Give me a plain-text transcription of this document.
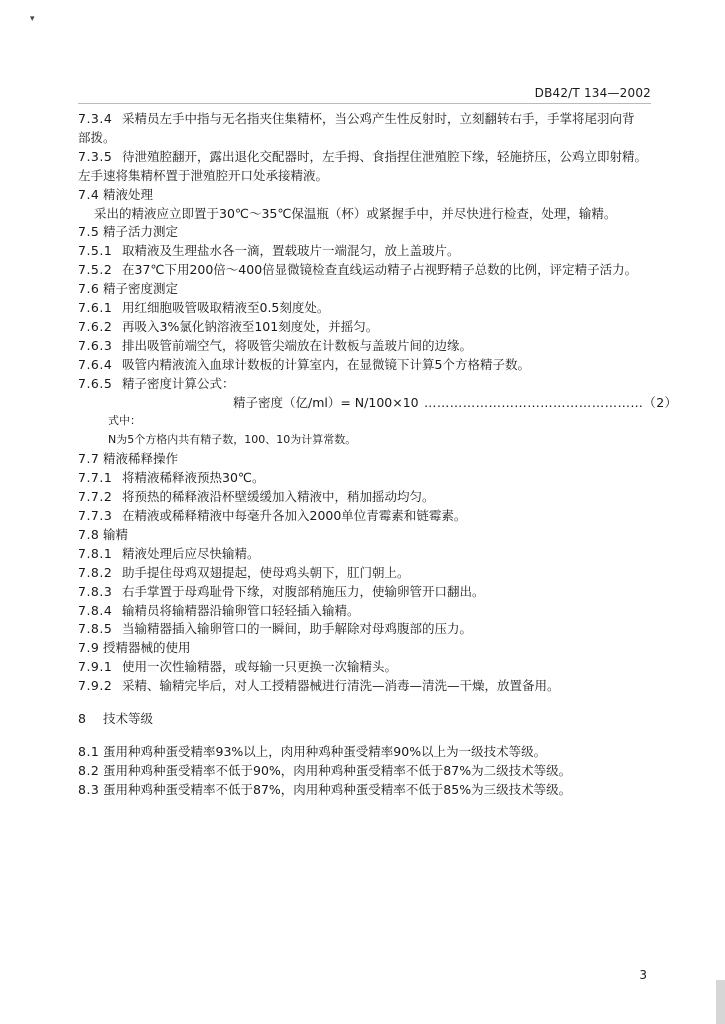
▾
DB42/T 134—2002
7.3.4 采精员左手中指与无名指夹住集精杯，当公鸡产生性反射时，立刻翻转右手，手掌将尾羽向背
部拨。
7.3.5 待泄殖腔翻开，露出退化交配器时，左手拇、食指捏住泄殖腔下缘，轻施挤压，公鸡立即射精。
左手速将集精杯置于泄殖腔开口处承接精液。
7.4 精液处理
采出的精液应立即置于30℃～35℃保温瓶（杯）或紧握手中，并尽快进行检查，处理，输精。
7.5 精子活力测定
7.5.1 取精液及生理盐水各一滴，置载玻片一端混匀，放上盖玻片。
7.5.2 在37℃下用200倍～400倍显微镜检查直线运动精子占视野精子总数的比例，评定精子活力。
7.6 精子密度测定
7.6.1 用红细胞吸管吸取精液至0.5刻度处。
7.6.2 再吸入3%氯化钠溶液至101刻度处，并摇匀。
7.6.3 排出吸管前端空气，将吸管尖端放在计数板与盖玻片间的边缘。
7.6.4 吸管内精液流入血球计数板的计算室内，在显微镜下计算5个方格精子数。
7.6.5 精子密度计算公式：
精子密度（亿/ml）= N/100×10 ……………………………………………（2）
式中：
N为5个方格内共有精子数，100、10为计算常数。
7.7 精液稀释操作
7.7.1 将精液稀释液预热30℃。
7.7.2 将预热的稀释液沿杯壁缓缓加入精液中，稍加摇动均匀。
7.7.3 在精液或稀释精液中每毫升各加入2000单位青霉素和链霉素。
7.8 输精
7.8.1 精液处理后应尽快输精。
7.8.2 助手提住母鸡双翅提起，使母鸡头朝下，肛门朝上。
7.8.3 右手掌置于母鸡耻骨下缘，对腹部稍施压力，使输卵管开口翻出。
7.8.4 输精员将输精器沿输卵管口轻轻插入输精。
7.8.5 当输精器插入输卵管口的一瞬间，助手解除对母鸡腹部的压力。
7.9 授精器械的使用
7.9.1 使用一次性输精器，或每输一只更换一次输精头。
7.9.2 采精、输精完毕后，对人工授精器械进行清洗—消毒—清洗—干燥，放置备用。
8 技术等级
8.1 蛋用种鸡种蛋受精率93%以上，肉用种鸡种蛋受精率90%以上为一级技术等级。
8.2 蛋用种鸡种蛋受精率不低于90%，肉用种鸡种蛋受精率不低于87%为二级技术等级。
8.3 蛋用种鸡种蛋受精率不低于87%，肉用种鸡种蛋受精率不低于85%为三级技术等级。
3
